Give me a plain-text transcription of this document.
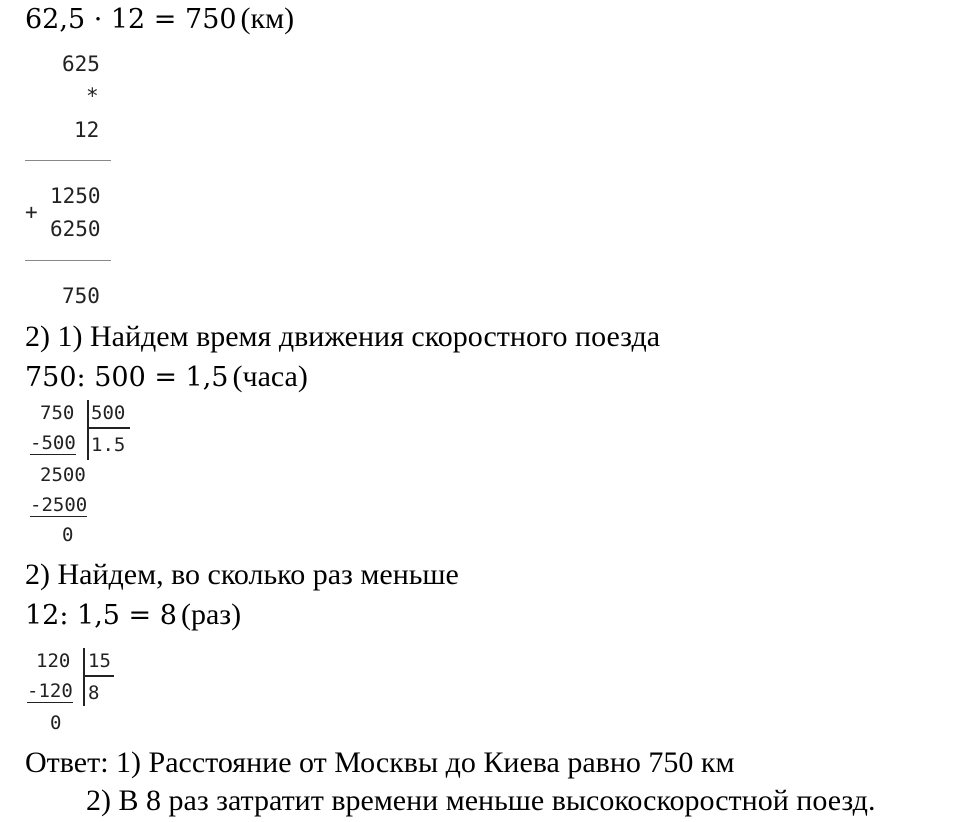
62,5 · 12 = 750 (км)
625
*
12
1250
+
6250
750
2) 1) Найдем время движения скоростного поезда
750: 500 = 1,5 (часа)
750 500
-500 1.5
2500
-2500
0
2) Найдем, во сколько раз меньше
12: 1,5 = 8 (раз)
120 15
-120 8
0
Ответ: 1) Расстояние от Москвы до Киева равно 750 км
2) В 8 раз затратит времени меньше высокоскоростной поезд.
